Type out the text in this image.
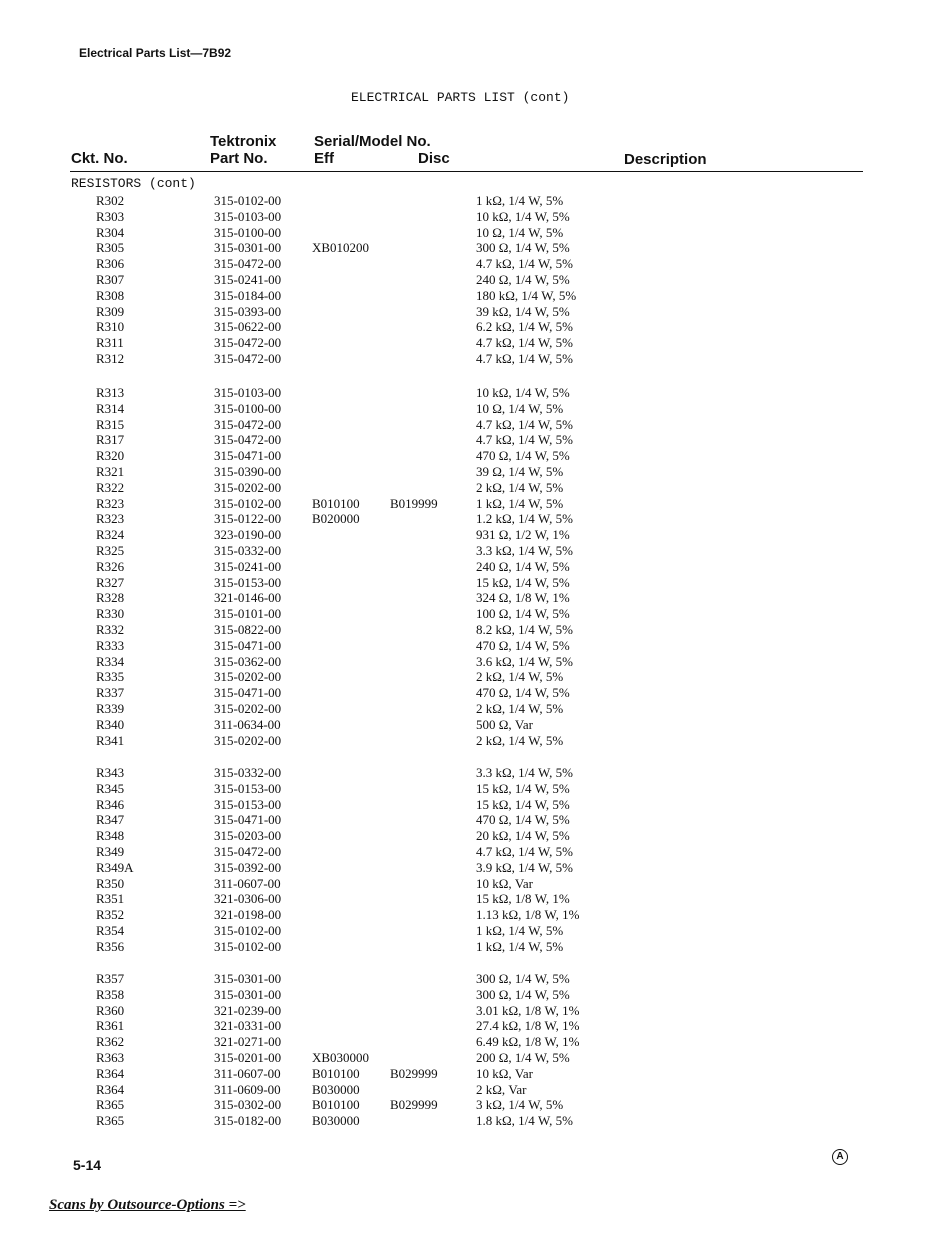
Electrical Parts List—7B92
ELECTRICAL PARTS LIST (cont)
Ckt. No.
Tektronix
Part No.
Serial/Model No.
Eff	Disc	Description
RESISTORS (cont)
R302	315-0102-00	1 kΩ, 1/4 W, 5%
R303	315-0103-00	10 kΩ, 1/4 W, 5%
R304	315-0100-00	10 Ω, 1/4 W, 5%
R305	315-0301-00 XB010200	300 Ω, 1/4 W, 5%
R306	315-0472-00	4.7 kΩ, 1/4 W, 5%
R307	315-0241-00	240 Ω, 1/4 W, 5%
R308	315-0184-00	180 kΩ, 1/4 W, 5%
R309	315-0393-00	39 kΩ, 1/4 W, 5%
R310	315-0622-00	6.2 kΩ, 1/4 W, 5%
R311	315-0472-00	4.7 kΩ, 1/4 W, 5%
R312	315-0472-00	4.7 kΩ, 1/4 W, 5%
R313	315-0103-00	10 kΩ, 1/4 W, 5%
R314	315-0100-00	10 Ω, 1/4 W, 5%
R315	315-0472-00	4.7 kΩ, 1/4 W, 5%
R317	315-0472-00	4.7 kΩ, 1/4 W, 5%
R320	315-0471-00	470 Ω, 1/4 W, 5%
R321	315-0390-00	39 Ω, 1/4 W, 5%
R322	315-0202-00	2 kΩ, 1/4 W, 5%
R323	315-0102-00 B010100 B019999	1 kΩ, 1/4 W, 5%
R323	315-0122-00 B020000	1.2 kΩ, 1/4 W, 5%
R324	323-0190-00	931 Ω, 1/2 W, 1%
R325	315-0332-00	3.3 kΩ, 1/4 W, 5%
R326	315-0241-00	240 Ω, 1/4 W, 5%
R327	315-0153-00	15 kΩ, 1/4 W, 5%
R328	321-0146-00	324 Ω, 1/8 W, 1%
R330	315-0101-00	100 Ω, 1/4 W, 5%
R332	315-0822-00	8.2 kΩ, 1/4 W, 5%
R333	315-0471-00	470 Ω, 1/4 W, 5%
R334	315-0362-00	3.6 kΩ, 1/4 W, 5%
R335	315-0202-00	2 kΩ, 1/4 W, 5%
R337	315-0471-00	470 Ω, 1/4 W, 5%
R339	315-0202-00	2 kΩ, 1/4 W, 5%
R340	311-0634-00	500 Ω, Var
R341	315-0202-00	2 kΩ, 1/4 W, 5%
R343	315-0332-00	3.3 kΩ, 1/4 W, 5%
R345	315-0153-00	15 kΩ, 1/4 W, 5%
R346	315-0153-00	15 kΩ, 1/4 W, 5%
R347	315-0471-00	470 Ω, 1/4 W, 5%
R348	315-0203-00	20 kΩ, 1/4 W, 5%
R349	315-0472-00	4.7 kΩ, 1/4 W, 5%
R349A	315-0392-00	3.9 kΩ, 1/4 W, 5%
R350	311-0607-00	10 kΩ, Var
R351	321-0306-00	15 kΩ, 1/8 W, 1%
R352	321-0198-00	1.13 kΩ, 1/8 W, 1%
R354	315-0102-00	1 kΩ, 1/4 W, 5%
R356	315-0102-00	1 kΩ, 1/4 W, 5%
R357	315-0301-00	300 Ω, 1/4 W, 5%
R358	315-0301-00	300 Ω, 1/4 W, 5%
R360	321-0239-00	3.01 kΩ, 1/8 W, 1%
R361	321-0331-00	27.4 kΩ, 1/8 W, 1%
R362	321-0271-00	6.49 kΩ, 1/8 W, 1%
R363	315-0201-00 XB030000	200 Ω, 1/4 W, 5%
R364	311-0607-00 B010100 B029999	10 kΩ, Var
R364	311-0609-00 B030000	2 kΩ, Var
R365	315-0302-00 B010100 B029999	3 kΩ, 1/4 W, 5%
R365	315-0182-00 B030000	1.8 kΩ, 1/4 W, 5%
5-14
A
Scans by Outsource-Options =>
